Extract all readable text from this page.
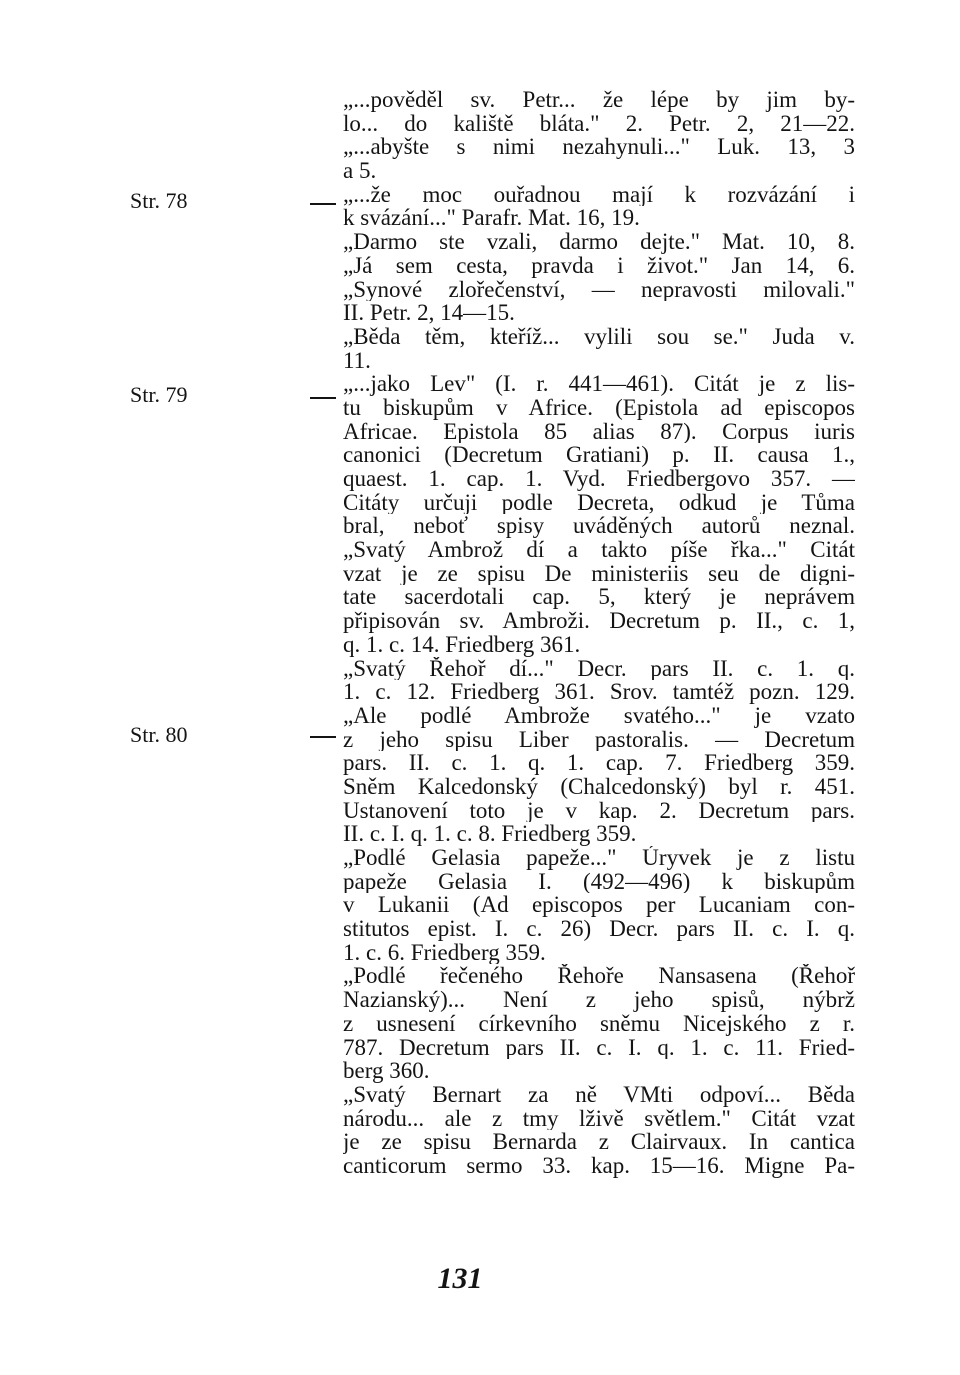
Str. 78
Str. 79
Str. 80
„...pověděl sv. Petr... že lépe by jim by-
lo... do kaliště bláta." 2. Petr. 2, 21—22.
„...abyšte s nimi nezahynuli..." Luk. 13, 3
a 5.
„...že moc ouřadnou mají k rozvázání i
k svázání..." Parafr. Mat. 16, 19.
„Darmo ste vzali, darmo dejte." Mat. 10, 8.
„Já sem cesta, pravda i život." Jan 14, 6.
„Synové zlořečenství, — nepravosti milovali."
II. Petr. 2, 14—15.
„Běda těm, kteříž... vylili sou se." Juda v.
11.
„...jako Lev" (I. r. 441—461). Citát je z lis-
tu biskupům v Africe. (Epistola ad episcopos
Africae. Epistola 85 alias 87). Corpus iuris
canonici (Decretum Gratiani) p. II. causa 1.,
quaest. 1. cap. 1. Vyd. Friedbergovo 357. —
Citáty určuji podle Decreta, odkud je Tůma
bral, neboť spisy uváděných autorů neznal.
„Svatý Ambrož dí a takto píše řka..." Citát
vzat je ze spisu De ministeriis seu de digni-
tate sacerdotali cap. 5, který je neprávem
připisován sv. Ambroži. Decretum p. II., c. 1,
q. 1. c. 14. Friedberg 361.
„Svatý Řehoř dí..." Decr. pars II. c. 1. q.
1. c. 12. Friedberg 361. Srov. tamtéž pozn. 129.
„Ale podlé Ambrože svatého..." je vzato
z jeho spisu Liber pastoralis. — Decretum
pars. II. c. 1. q. 1. cap. 7. Friedberg 359.
Sněm Kalcedonský (Chalcedonský) byl r. 451.
Ustanovení toto je v kap. 2. Decretum pars.
II. c. I. q. 1. c. 8. Friedberg 359.
„Podlé Gelasia papeže..." Úryvek je z listu
papeže Gelasia I. (492—496) k biskupům
v Lukanii (Ad episcopos per Lucaniam con-
stitutos epist. I. c. 26) Decr. pars II. c. I. q.
1. c. 6. Friedberg 359.
„Podlé řečeného Řehoře Nansasena (Řehoř
Nazianský)... Není z jeho spisů, nýbrž
z usnesení církevního sněmu Nicejského z r.
787. Decretum pars II. c. I. q. 1. c. 11. Fried-
berg 360.
„Svatý Bernart za ně VMti odpoví... Běda
národu... ale z tmy lživě světlem." Citát vzat
je ze spisu Bernarda z Clairvaux. In cantica
canticorum sermo 33. kap. 15—16. Migne Pa-
131
